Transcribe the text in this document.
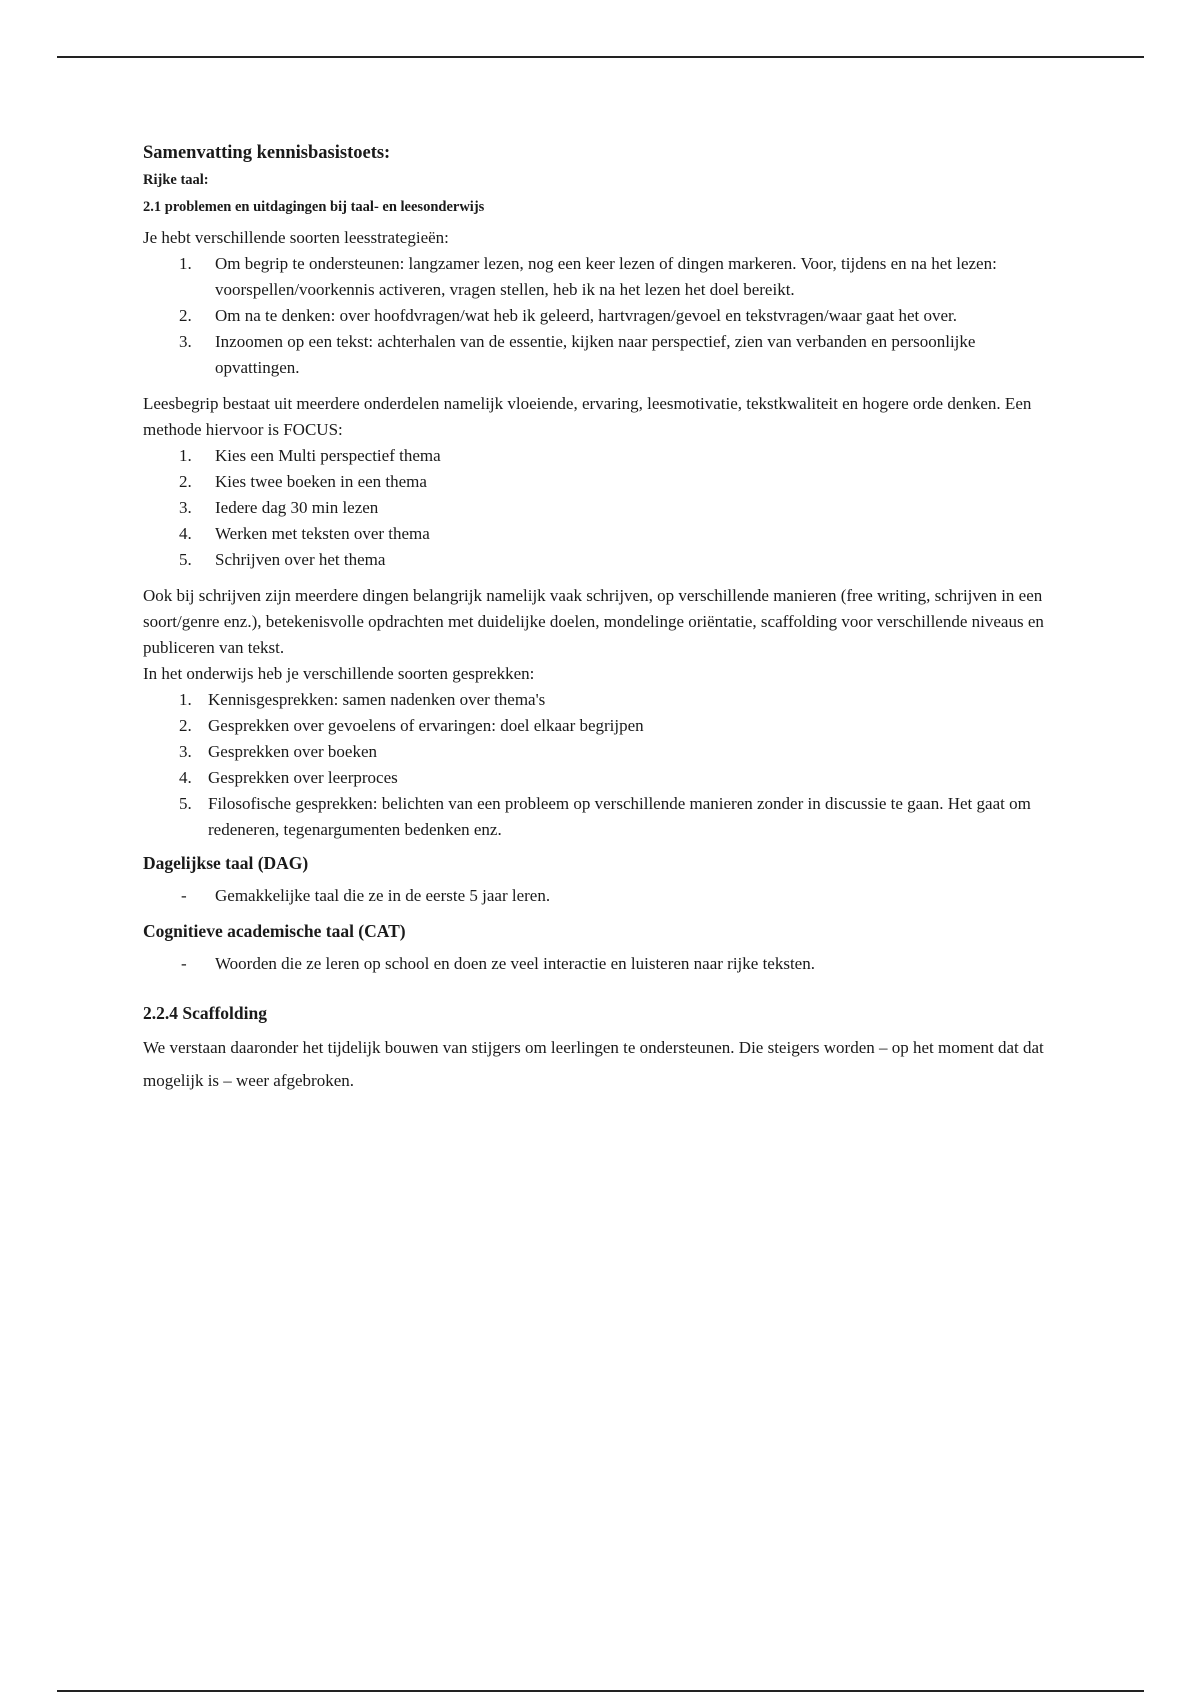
Samenvatting kennisbasistoets:
Rijke taal:
2.1 problemen en uitdagingen bij taal- en leesonderwijs

Je hebt verschillende soorten leesstrategieën:

1.	Om begrip te ondersteunen: langzamer lezen, nog een keer lezen of dingen markeren. Voor, tijdens en na het lezen: voorspellen/voorkennis activeren, vragen stellen, heb ik na het lezen het doel bereikt.
2.	Om na te denken: over hoofdvragen/wat heb ik geleerd, hartvragen/gevoel en tekstvragen/waar gaat het over.
3.	Inzoomen op een tekst: achterhalen van de essentie, kijken naar perspectief, zien van verbanden en persoonlijke opvattingen.

Leesbegrip bestaat uit meerdere onderdelen namelijk vloeiende, ervaring, leesmotivatie, tekstkwaliteit en hogere orde denken. Een methode hiervoor is FOCUS:

1.	Kies een Multi perspectief thema
2.	Kies twee boeken in een thema
3.	Iedere dag 30 min lezen
4.	Werken met teksten over thema
5.	Schrijven over het thema

Ook bij schrijven zijn meerdere dingen belangrijk namelijk vaak schrijven, op verschillende manieren (free writing, schrijven in een soort/genre enz.), betekenisvolle opdrachten met duidelijke doelen, mondelinge oriëntatie, scaffolding voor verschillende niveaus en publiceren van tekst.

In het onderwijs heb je verschillende soorten gesprekken:

1. Kennisgesprekken: samen nadenken over thema's
2. Gesprekken over gevoelens of ervaringen: doel elkaar begrijpen
3. Gesprekken over boeken
4. Gesprekken over leerproces
5. Filosofische gesprekken: belichten van een probleem op verschillende manieren zonder in discussie te gaan. Het gaat om redeneren, tegenargumenten bedenken enz.
Dagelijkse taal (DAG)
- Gemakkelijke taal die ze in de eerste 5 jaar leren.
Cognitieve academische taal (CAT)
- Woorden die ze leren op school en doen ze veel interactie en luisteren naar rijke teksten.
2.2.4 Scaffolding

We verstaan daaronder het tijdelijk bouwen van stijgers om leerlingen te ondersteunen. Die steigers worden – op het moment dat dat mogelijk is – weer afgebroken.
